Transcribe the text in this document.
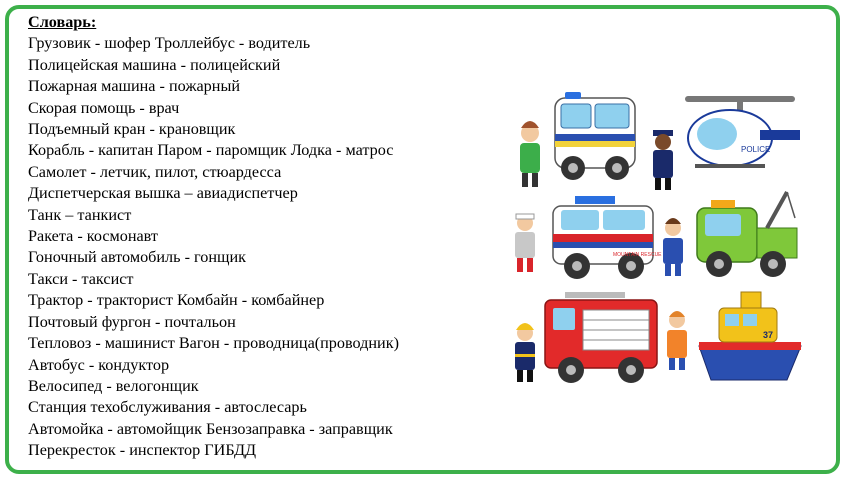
Словарь:
Грузовик - шофер Троллейбус - водитель
Полицейская машина - полицейский
Пожарная машина - пожарный
Скорая помощь - врач
Подъемный кран - крановщик
Корабль - капитан Паром - паромщик Лодка - матрос
Самолет - летчик, пилот, стюардесса
Диспетчерская вышка – авиадиспетчер
Танк – танкист
Ракета - космонавт
Гоночный автомобиль - гонщик
Такси - таксист
Трактор - тракторист Комбайн - комбайнер
Почтовый фургон - почтальон
Тепловоз - машинист Вагон - проводница(проводник)
Автобус - кондуктор
Велосипед - велогонщик
Станция техобслуживания - автослесарь
Автомойка - автомойщик Бензозаправка - заправщик
Перекресток - инспектор ГИБДД
POLICE
MOUNTAIN RESCUE
37
